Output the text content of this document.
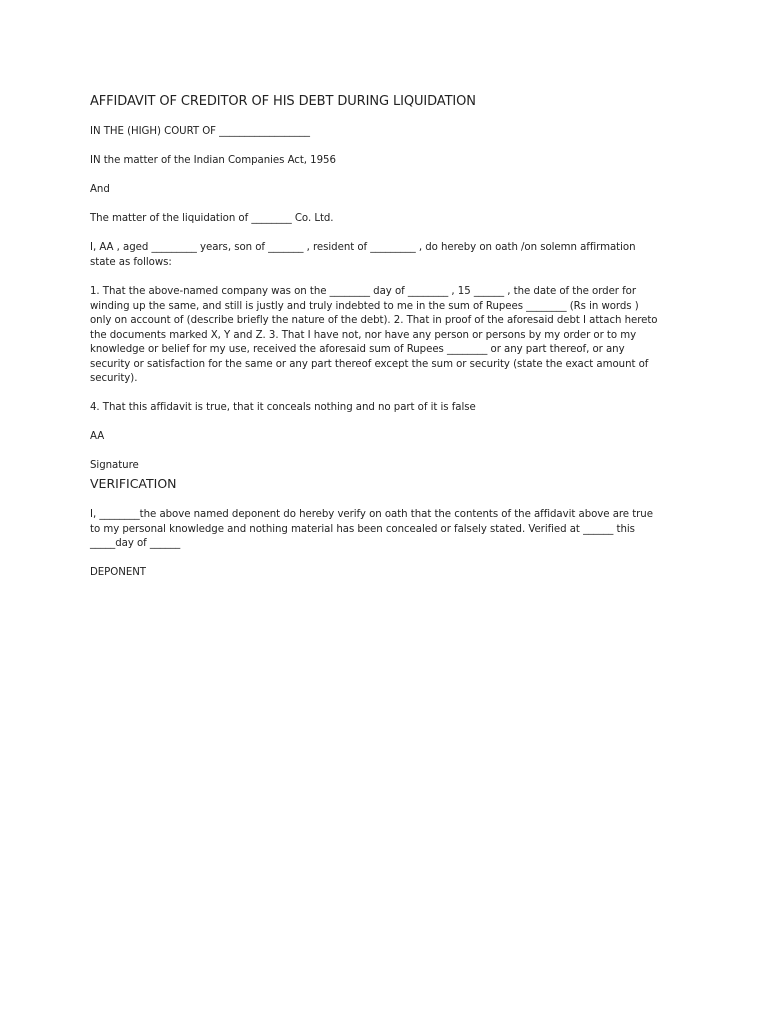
AFFIDAVIT OF CREDITOR OF HIS DEBT DURING LIQUIDATION
IN THE (HIGH) COURT OF __________________
IN the matter of the Indian Companies Act, 1956
And
The matter of the liquidation of ________ Co. Ltd.
I, AA , aged _________ years, son of _______ , resident of _________ , do hereby on oath /on solemn affirmation
state as follows:
1. That the above-named company was on the ________ day of ________ , 15 ______ , the date of the order for
winding up the same, and still is justly and truly indebted to me in the sum of Rupees ________ (Rs in words )
only on account of (describe briefly the nature of the debt). 2. That in proof of the aforesaid debt I attach hereto
the documents marked X, Y and Z. 3. That I have not, nor have any person or persons by my order or to my
knowledge or belief for my use, received the aforesaid sum of Rupees ________ or any part thereof, or any
security or satisfaction for the same or any part thereof except the sum or security (state the exact amount of
security).
4. That this affidavit is true, that it conceals nothing and no part of it is false
AA
Signature
VERIFICATION
I, ________the above named deponent do hereby verify on oath that the contents of the affidavit above are true
to my personal knowledge and nothing material has been concealed or falsely stated. Verified at ______ this
_____day of ______
DEPONENT
